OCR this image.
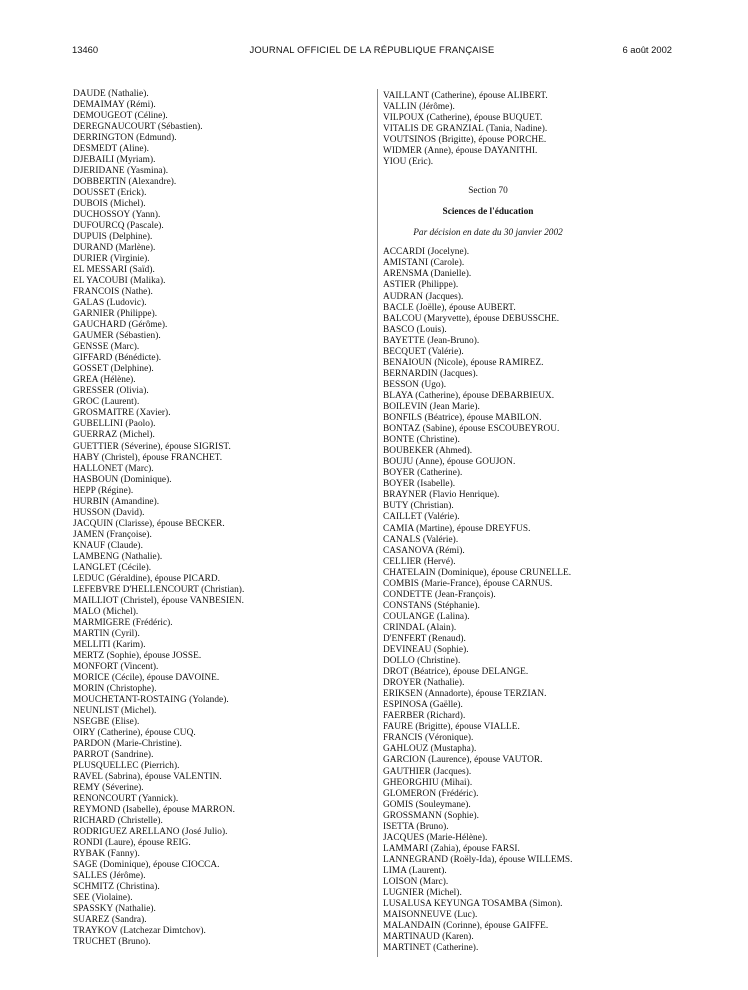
13460	JOURNAL OFFICIEL DE LA RÉPUBLIQUE FRANÇAISE	6 août 2002
DAUDE (Nathalie).
DEMAIMAY (Rémi).
DEMOUGEOT (Céline).
DEREGNAUCOURT (Sébastien).
DERRINGTON (Edmund).
DESMEDT (Aline).
DJEBAILI (Myriam).
DJERIDANE (Yasmina).
DOBBERTIN (Alexandre).
DOUSSET (Erick).
DUBOIS (Michel).
DUCHOSSOY (Yann).
DUFOURCQ (Pascale).
DUPUIS (Delphine).
DURAND (Marlène).
DURIER (Virginie).
EL MESSARI (Saïd).
EL YACOUBI (Malika).
FRANCOIS (Nathe).
GALAS (Ludovic).
GARNIER (Philippe).
GAUCHARD (Gérôme).
GAUMER (Sébastien).
GENSSE (Marc).
GIFFARD (Bénédicte).
GOSSET (Delphine).
GREA (Hélène).
GRESSER (Olivia).
GROC (Laurent).
GROSMAITRE (Xavier).
GUBELLINI (Paolo).
GUERRAZ (Michel).
GUETTIER (Séverine), épouse SIGRIST.
HABY (Christel), épouse FRANCHET.
HALLONET (Marc).
HASBOUN (Dominique).
HEPP (Régine).
HURBIN (Amandine).
HUSSON (David).
JACQUIN (Clarisse), épouse BECKER.
JAMEN (Françoise).
KNAUF (Claude).
LAMBENG (Nathalie).
LANGLET (Cécile).
LEDUC (Géraldine), épouse PICARD.
LEFEBVRE D'HELLENCOURT (Christian).
MAILLIOT (Christel), épouse VANBESIEN.
MALO (Michel).
MARMIGERE (Frédéric).
MARTIN (Cyril).
MELLITI (Karim).
MERTZ (Sophie), épouse JOSSE.
MONFORT (Vincent).
MORICE (Cécile), épouse DAVOINE.
MORIN (Christophe).
MOUCHETANT-ROSTAING (Yolande).
NEUNLIST (Michel).
NSEGBE (Elise).
OIRY (Catherine), épouse CUQ.
PARDON (Marie-Christine).
PARROT (Sandrine).
PLUSQUELLEC (Pierrich).
RAVEL (Sabrina), épouse VALENTIN.
REMY (Séverine).
RENONCOURT (Yannick).
REYMOND (Isabelle), épouse MARRON.
RICHARD (Christelle).
RODRIGUEZ ARELLANO (José Julio).
RONDI (Laure), épouse REIG.
RYBAK (Fanny).
SAGE (Dominique), épouse CIOCCA.
SALLES (Jérôme).
SCHMITZ (Christina).
SEE (Violaine).
SPASSKY (Nathalie).
SUAREZ (Sandra).
TRAYKOV (Latchezar Dimtchov).
TRUCHET (Bruno).
VAILLANT (Catherine), épouse ALIBERT.
VALLIN (Jérôme).
VILPOUX (Catherine), épouse BUQUET.
VITALIS DE GRANZIAL (Tania, Nadine).
VOUTSINOS (Brigitte), épouse PORCHE.
WIDMER (Anne), épouse DAYANITHI.
YIOU (Eric).
Section 70
Sciences de l'éducation
Par décision en date du 30 janvier 2002
ACCARDI (Jocelyne).
AMISTANI (Carole).
ARENSMA (Danielle).
ASTIER (Philippe).
AUDRAN (Jacques).
BACLE (Joëlle), épouse AUBERT.
BALCOU (Maryvette), épouse DEBUSSCHE.
BASCO (Louis).
BAYETTE (Jean-Bruno).
BECQUET (Valérie).
BENAIOUN (Nicole), épouse RAMIREZ.
BERNARDIN (Jacques).
BESSON (Ugo).
BLAYA (Catherine), épouse DEBARBIEUX.
BOILEVIN (Jean Marie).
BONFILS (Béatrice), épouse MABILON.
BONTAZ (Sabine), épouse ESCOUBEYROU.
BONTE (Christine).
BOUBEKER (Ahmed).
BOUJU (Anne), épouse GOUJON.
BOYER (Catherine).
BOYER (Isabelle).
BRAYNER (Flavio Henrique).
BUTY (Christian).
CAILLET (Valérie).
CAMIA (Martine), épouse DREYFUS.
CANALS (Valérie).
CASANOVA (Rémi).
CELLIER (Hervé).
CHATELAIN (Dominique), épouse CRUNELLE.
COMBIS (Marie-France), épouse CARNUS.
CONDETTE (Jean-François).
CONSTANS (Stéphanie).
COULANGE (Lalina).
CRINDAL (Alain).
D'ENFERT (Renaud).
DEVINEAU (Sophie).
DOLLO (Christine).
DROT (Béatrice), épouse DELANGE.
DROYER (Nathalie).
ERIKSEN (Annadorte), épouse TERZIAN.
ESPINOSA (Gaëlle).
FAERBER (Richard).
FAURE (Brigitte), épouse VIALLE.
FRANCIS (Véronique).
GAHLOUZ (Mustapha).
GARCION (Laurence), épouse VAUTOR.
GAUTHIER (Jacques).
GHEORGHIU (Mihai).
GLOMERON (Frédéric).
GOMIS (Souleymane).
GROSSMANN (Sophie).
ISETTA (Bruno).
JACQUES (Marie-Hélène).
LAMMARI (Zahia), épouse FARSI.
LANNEGRAND (Roëly-Ida), épouse WILLEMS.
LIMA (Laurent).
LOISON (Marc).
LUGNIER (Michel).
LUSALUSA KEYUNGA TOSAMBA (Simon).
MAISONNEUVE (Luc).
MALANDAIN (Corinne), épouse GAIFFE.
MARTINAUD (Karen).
MARTINET (Catherine).
